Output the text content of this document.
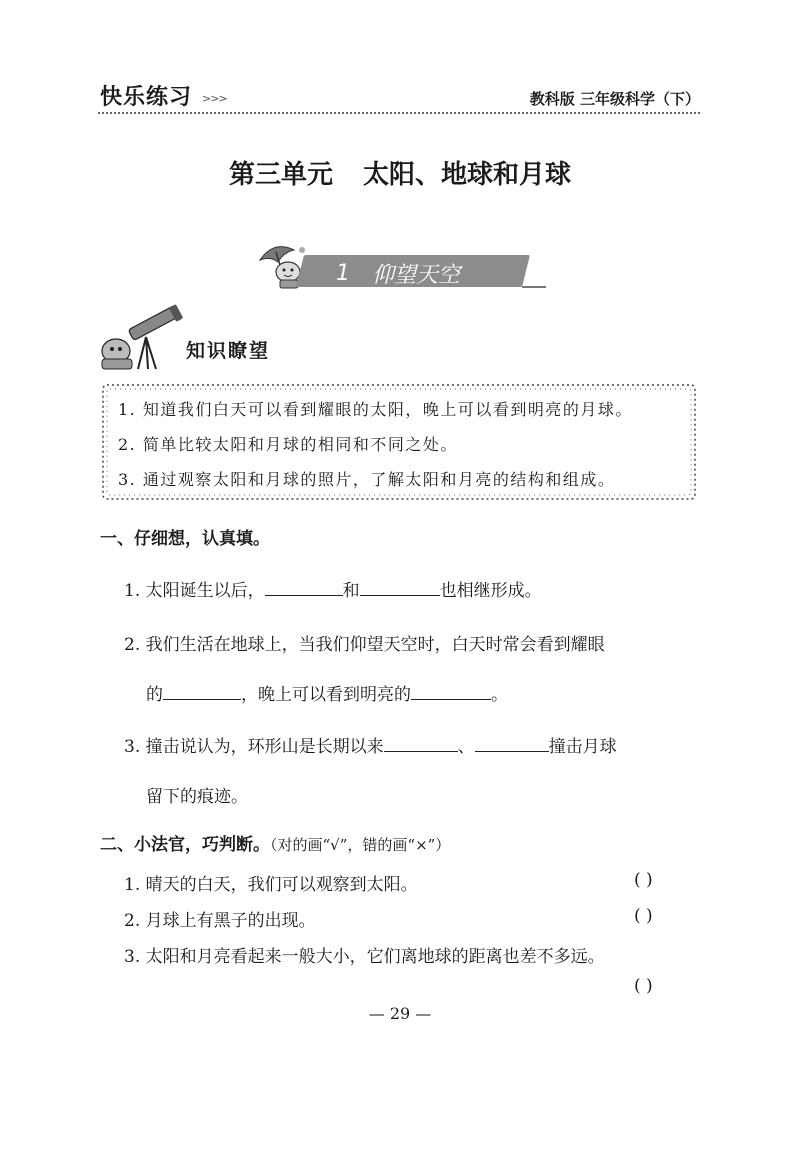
快乐练习 >>>	教科版 三年级科学（下）
第三单元 太阳、地球和月球
1 仰望天空
知识瞭望
1. 知道我们白天可以看到耀眼的太阳，晚上可以看到明亮的月球。
2. 简单比较太阳和月球的相同和不同之处。
3. 通过观察太阳和月球的照片，了解太阳和月亮的结构和组成。
一、仔细想，认真填。
1. 太阳诞生以后，	和	也相继形成。
2. 我们生活在地球上，当我们仰望天空时，白天时常会看到耀眼
的	，晚上可以看到明亮的	。
3. 撞击说认为，环形山是长期以来	、	撞击月球
留下的痕迹。
二、小法官，巧判断。（对的画“√”，错的画“×”）
1. 晴天的白天，我们可以观察到太阳。	( )
2. 月球上有黑子的出现。	( )
3. 太阳和月亮看起来一般大小，它们离地球的距离也差不多远。
( )
— 29 —
